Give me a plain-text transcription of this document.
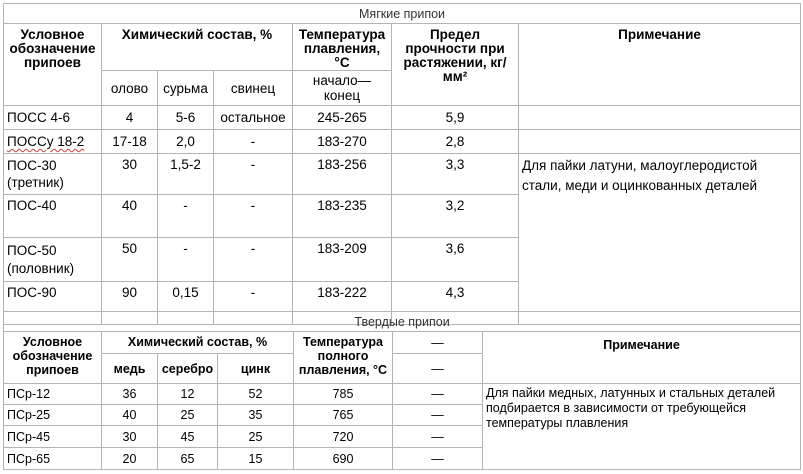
Мягкие припои						
Условное обозначение припоев	Химический состав, %			Температура плавления, °С	Предел прочности при растяжении, кг/мм²	Примечание
	олово	сурьма	свинец	начало—конец		
ПОСС 4-6	4	5-6	остальное	245-265	5,9	
ПОССу 18-2	17-18	2,0	-	183-270	2,8	
ПОС-30 (третник)	30	1,5-2	-	183-256	3,3	Для пайки латуни, малоуглеродистой стали, меди и оцинкованных деталей
ПОС-40	40	-	-	183-235	3,2	
ПОС-50 (половник)	50	-	-	183-209	3,6	
ПОС-90	90	0,15	-	183-222	4,3	
Твердые припои						
Условное обозначение припоев	Химический состав, %			Температура полного плавления, °С	—	Примечание
	медь	серебро	цинк		—	
ПСр-12	36	12	52	785	—	Для пайки медных, латунных и стальных деталей подбирается в зависимости от требующейся температуры плавления
ПСр-25	40	25	35	765	—	
ПСр-45	30	45	25	720	—	
ПСр-65	20	65	15	690	—	
